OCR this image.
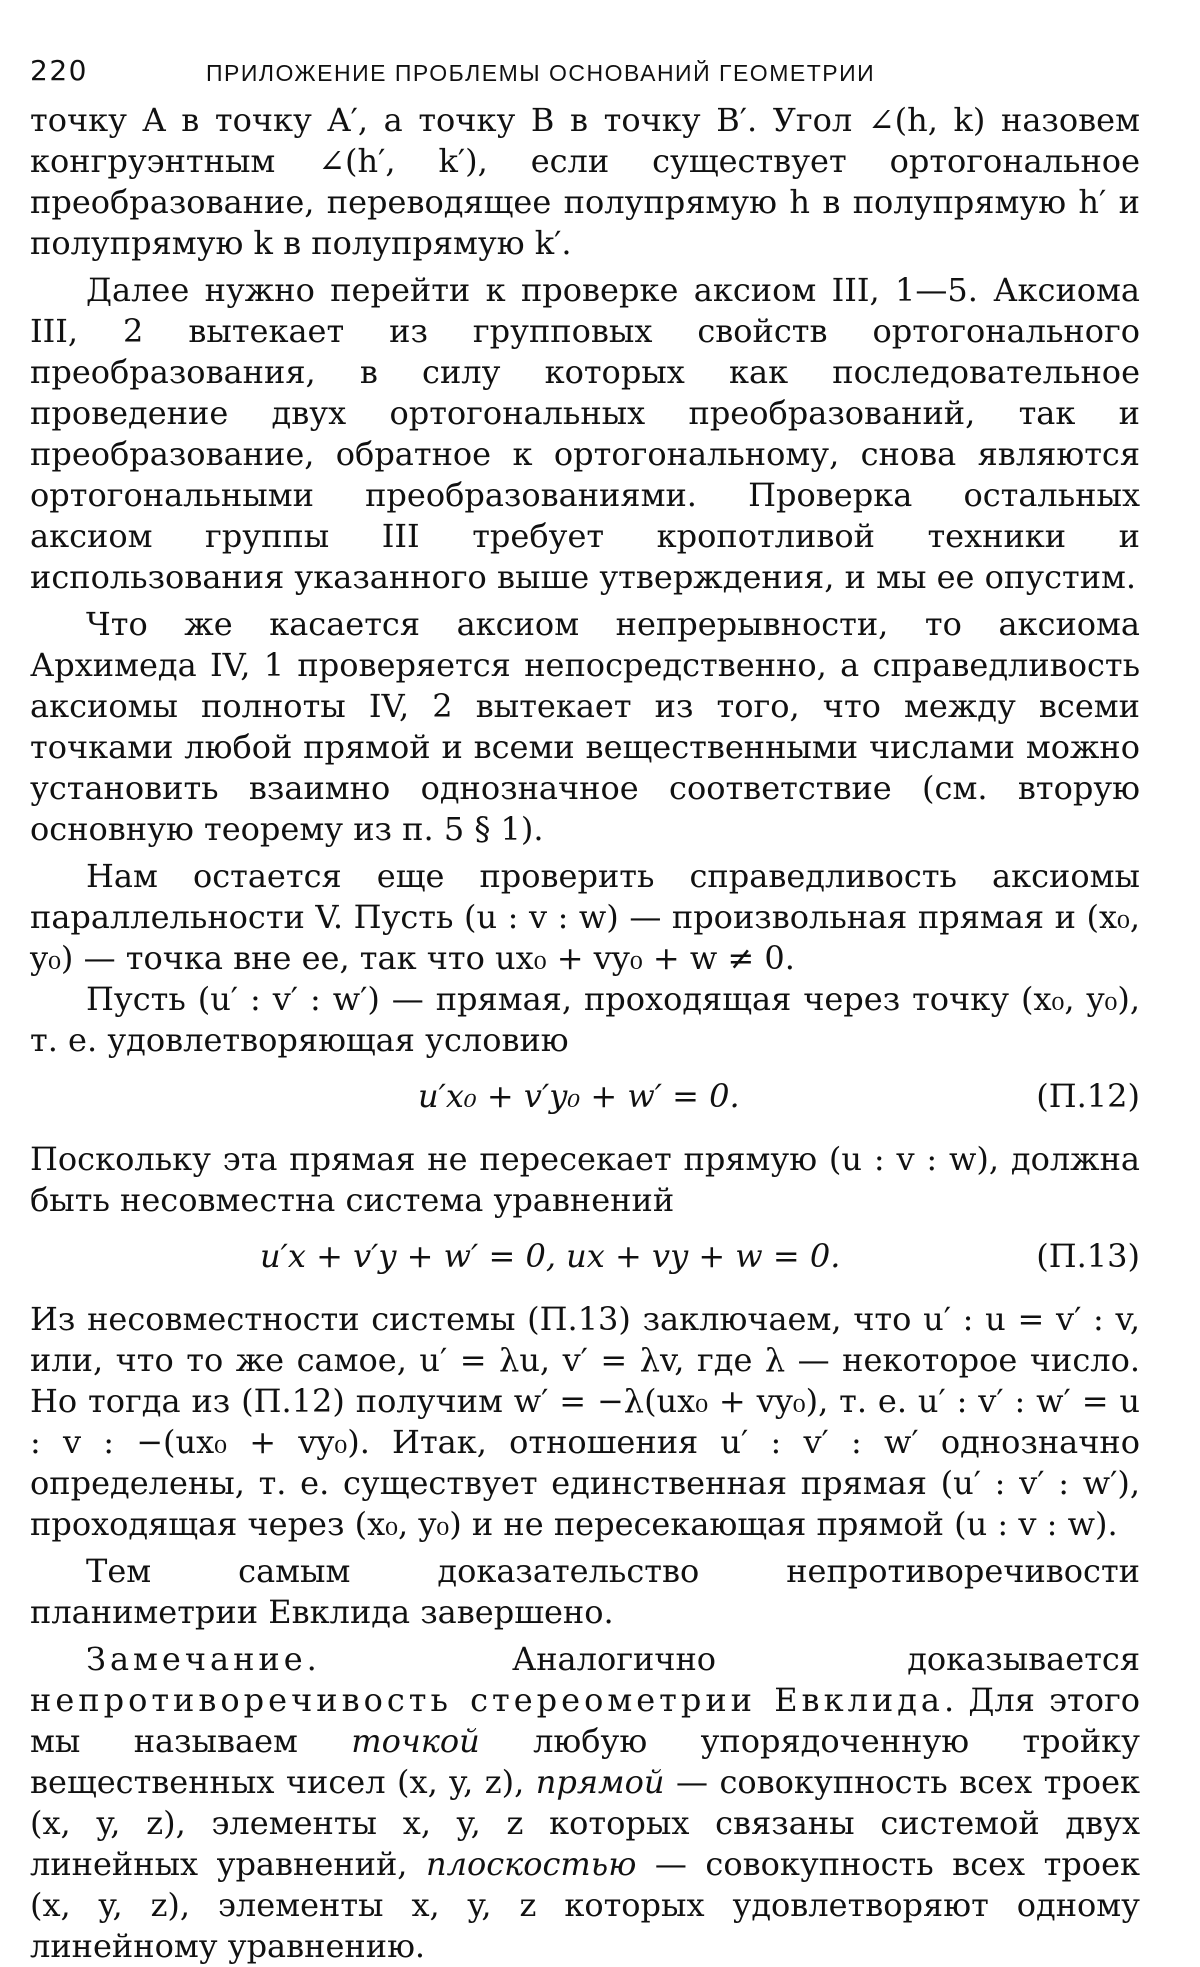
220	ПРИЛОЖЕНИЕ ПРОБЛЕМЫ ОСНОВАНИЙ ГЕОМЕТРИИ

точку A в точку A′, а точку B в точку B′. Угол ∠(h, k) назовем конгруэнтным ∠(h′, k′), если существует ортогональное преобразование, переводящее полупрямую h в полупрямую h′ и полупрямую k в полупрямую k′.

Далее нужно перейти к проверке аксиом III, 1—5. Аксиома III, 2 вытекает из групповых свойств ортогонального преобразования, в силу которых как последовательное проведение двух ортогональных преобразований, так и преобразование, обратное к ортогональному, снова являются ортогональными преобразованиями. Проверка остальных аксиом группы III требует кропотливой техники и использования указанного выше утверждения, и мы ее опустим.

Что же касается аксиом непрерывности, то аксиома Архимеда IV, 1 проверяется непосредственно, а справедливость аксиомы полноты IV, 2 вытекает из того, что между всеми точками любой прямой и всеми вещественными числами можно установить взаимно однозначное соответствие (см. вторую основную теорему из п. 5 § 1).

Нам остается еще проверить справедливость аксиомы параллельности V. Пусть (u : v : w) — произвольная прямая и (x₀, y₀) — точка вне ее, так что ux₀ + vy₀ + w ≠ 0.

Пусть (u′ : v′ : w′) — прямая, проходящая через точку (x₀, y₀), т. е. удовлетворяющая условию

u′x₀ + v′y₀ + w′ = 0.	(П.12)

Поскольку эта прямая не пересекает прямую (u : v : w), должна быть несовместна система уравнений

u′x + v′y + w′ = 0, ux + vy + w = 0.	(П.13)

Из несовместности системы (П.13) заключаем, что u′ : u = v′ : v, или, что то же самое, u′ = λu, v′ = λv, где λ — некоторое число. Но тогда из (П.12) получим w′ = −λ(ux₀ + vy₀), т. е. u′ : v′ : w′ = u : v : −(ux₀ + vy₀). Итак, отношения u′ : v′ : w′ однозначно определены, т. е. существует единственная прямая (u′ : v′ : w′), проходящая через (x₀, y₀) и не пересекающая прямой (u : v : w).

Тем самым доказательство непротиворечивости планиметрии Евклида завершено.

Замечание. Аналогично доказывается непротиворечивость стереометрии Евклида. Для этого мы называем точкой любую упорядоченную тройку вещественных чисел (x, y, z), прямой — совокупность всех троек (x, y, z), элементы x, y, z которых связаны системой двух линейных уравнений, плоскостью — совокупность всех троек (x, y, z), элементы x, y, z которых удовлетворяют одному линейному уравнению.
